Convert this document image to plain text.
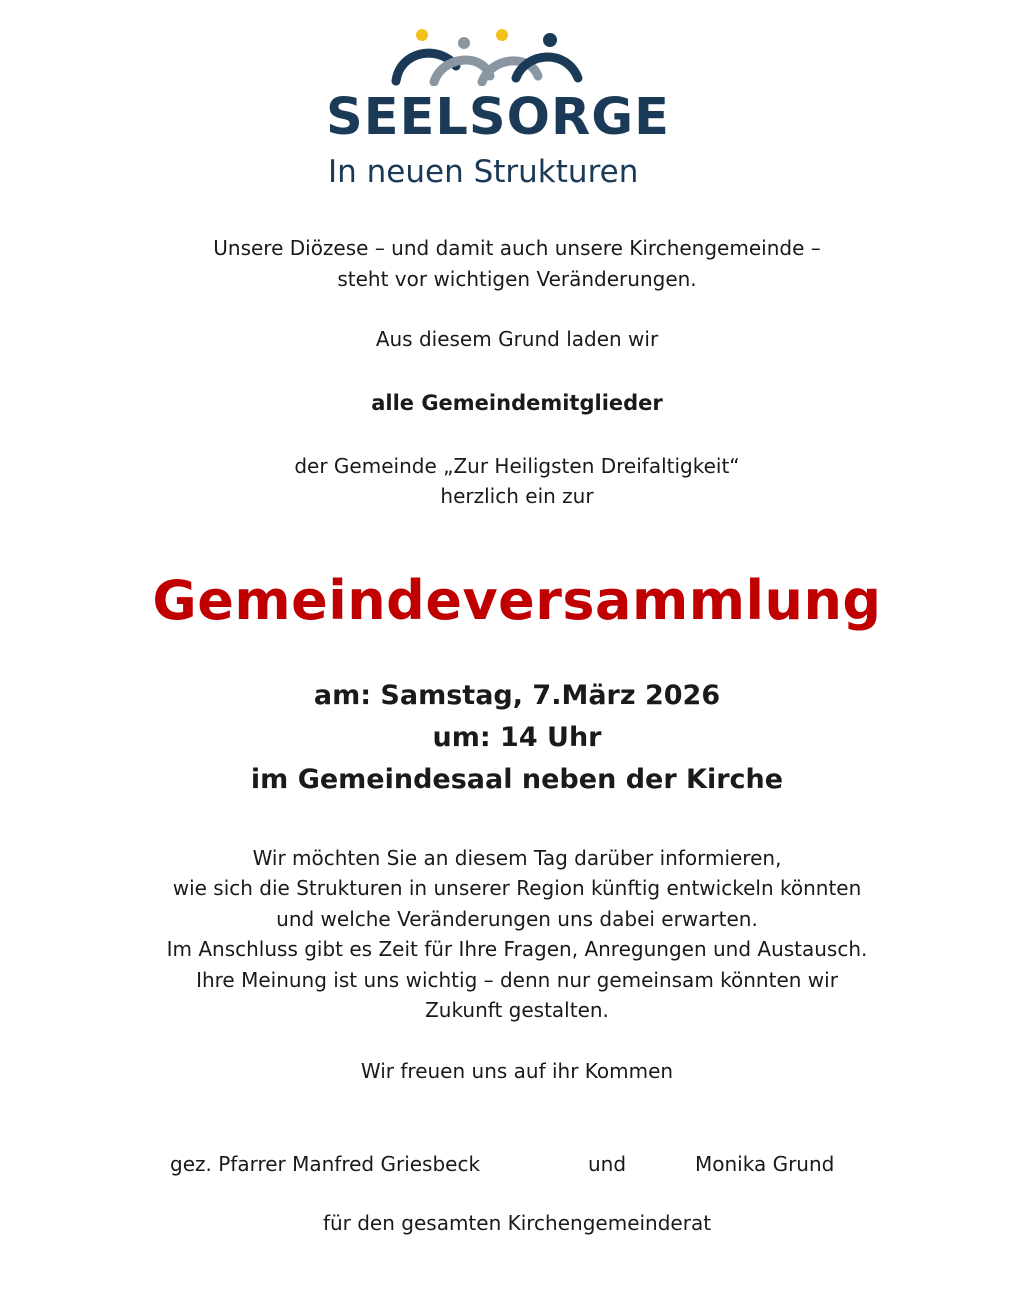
SEELSORGE
In neuen Strukturen
Unsere Diözese – und damit auch unsere Kirchengemeinde –
steht vor wichtigen Veränderungen.
Aus diesem Grund laden wir
alle Gemeindemitglieder
der Gemeinde „Zur Heiligsten Dreifaltigkeit“
herzlich ein zur
Gemeindeversammlung
am: Samstag, 7.März 2026
um: 14 Uhr
im Gemeindesaal neben der Kirche
Wir möchten Sie an diesem Tag darüber informieren,
wie sich die Strukturen in unserer Region künftig entwickeln könnten
und welche Veränderungen uns dabei erwarten.
Im Anschluss gibt es Zeit für Ihre Fragen, Anregungen und Austausch.
Ihre Meinung ist uns wichtig – denn nur gemeinsam könnten wir
Zukunft gestalten.
Wir freuen uns auf ihr Kommen
gez. Pfarrer Manfred Griesbeck	und	Monika Grund
für den gesamten Kirchengemeinderat
